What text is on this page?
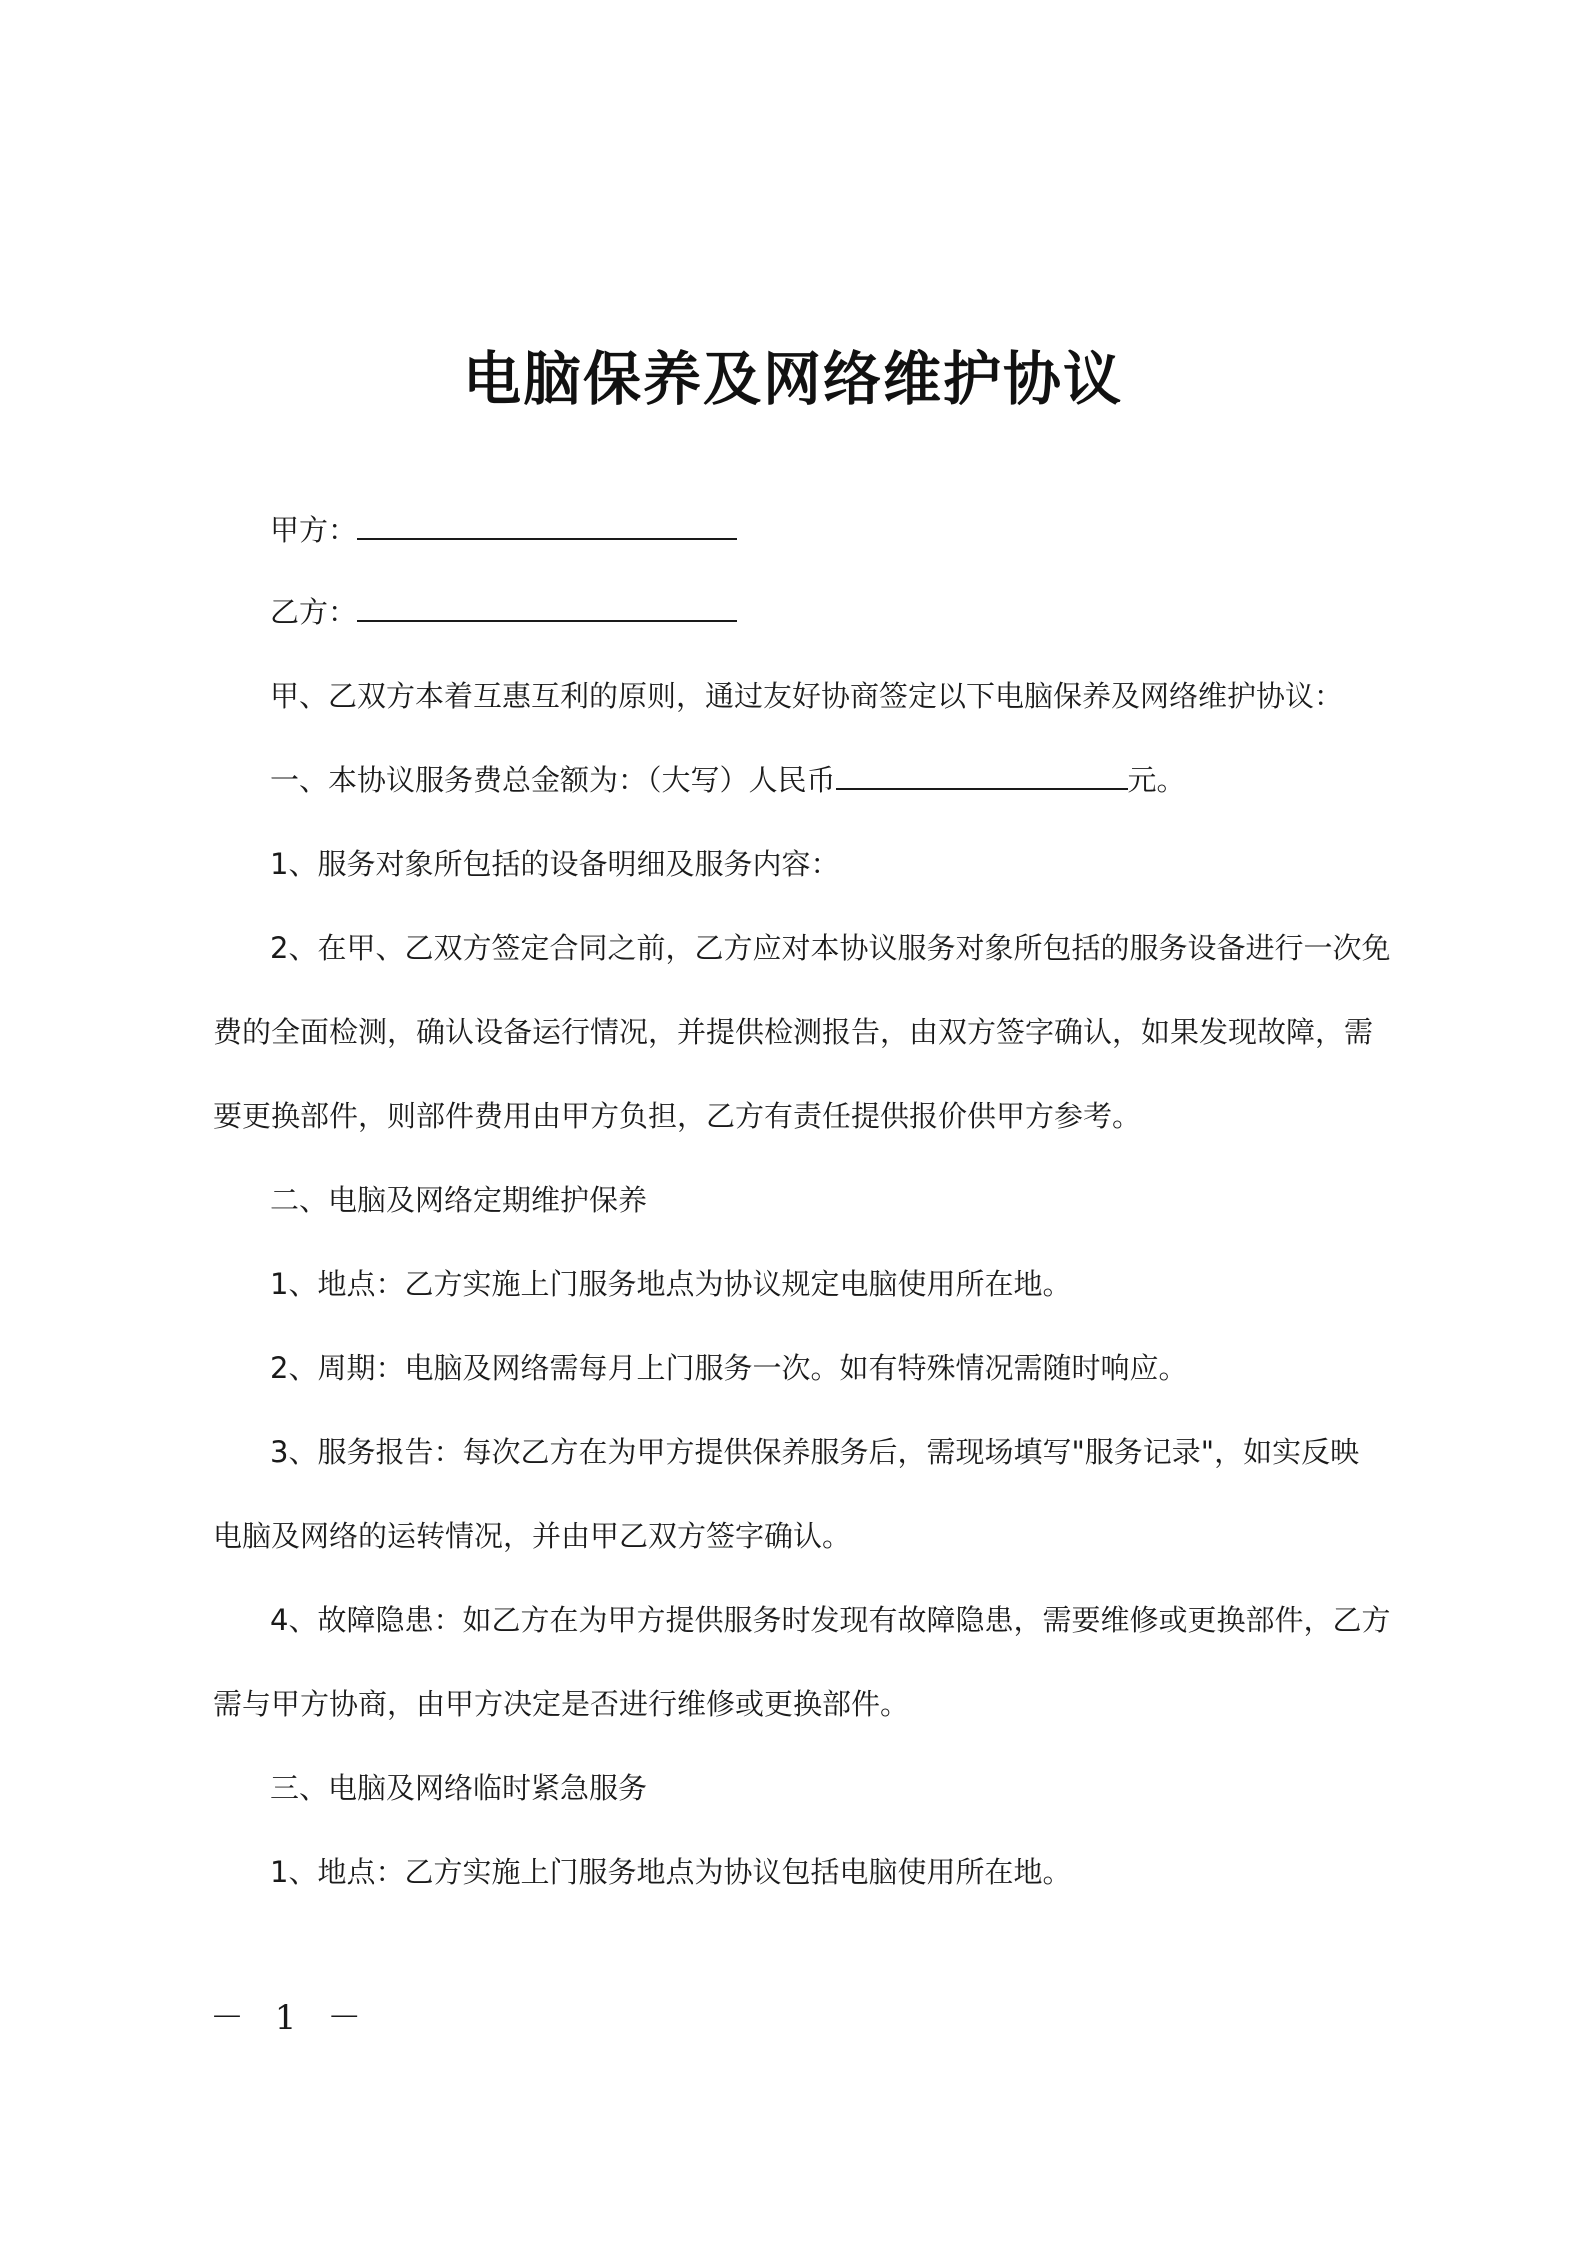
电脑保养及网络维护协议
甲方：
乙方：
甲、乙双方本着互惠互利的原则，通过友好协商签定以下电脑保养及网络维护协议：
一、本协议服务费总金额为：（大写）人民币	元。
1、服务对象所包括的设备明细及服务内容：
2、在甲、乙双方签定合同之前，乙方应对本协议服务对象所包括的服务设备进行一次免
费的全面检测，确认设备运行情况，并提供检测报告，由双方签字确认，如果发现故障，需
要更换部件，则部件费用由甲方负担，乙方有责任提供报价供甲方参考。
二、电脑及网络定期维护保养
1、地点：乙方实施上门服务地点为协议规定电脑使用所在地。
2、周期：电脑及网络需每月上门服务一次。如有特殊情况需随时响应。
3、服务报告：每次乙方在为甲方提供保养服务后，需现场填写"服务记录"，如实反映
电脑及网络的运转情况，并由甲乙双方签字确认。
4、故障隐患：如乙方在为甲方提供服务时发现有故障隐患，需要维修或更换部件，乙方
需与甲方协商，由甲方决定是否进行维修或更换部件。
三、电脑及网络临时紧急服务
1、地点：乙方实施上门服务地点为协议包括电脑使用所在地。
－ 1 －
